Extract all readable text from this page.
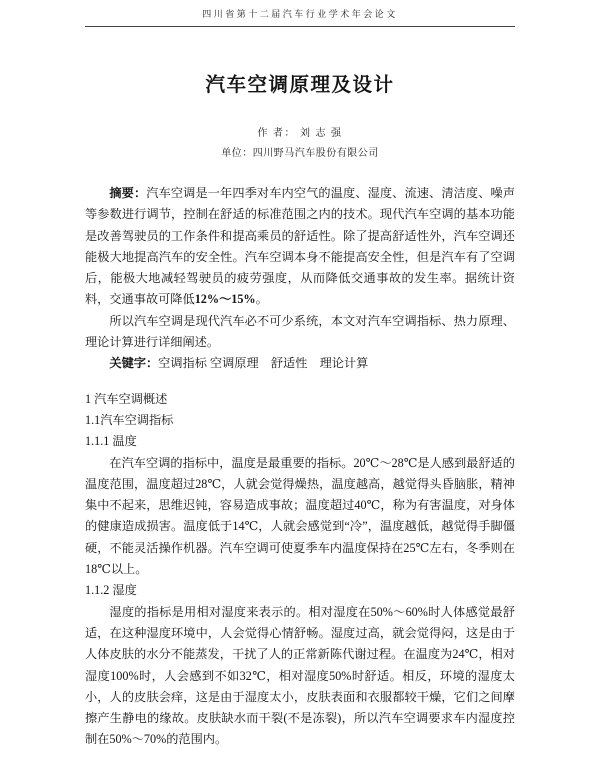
四川省第十二届汽车行业学术年会论文
汽车空调原理及设计
作 者： 刘 志 强
单位：四川野马汽车股份有限公司

摘要：汽车空调是一年四季对车内空气的温度、湿度、流速、清洁度、噪声等参数进行调节，控制在舒适的标准范围之内的技术。现代汽车空调的基本功能是改善驾驶员的工作条件和提高乘员的舒适性。除了提高舒适性外，汽车空调还能极大地提高汽车的安全性。汽车空调本身不能提高安全性，但是汽车有了空调后，能极大地减轻驾驶员的疲劳强度，从而降低交通事故的发生率。据统计资料，交通事故可降低12%～15%。

所以汽车空调是现代汽车必不可少系统，本文对汽车空调指标、热力原理、理论计算进行详细阐述。

关键字：空调指标 空调原理　舒适性　理论计算

1 汽车空调概述

1.1汽车空调指标

1.1.1 温度

在汽车空调的指标中，温度是最重要的指标。20℃～28℃是人感到最舒适的温度范围，温度超过28℃，人就会觉得燥热，温度越高，越觉得头昏脑胀，精神集中不起来，思维迟钝，容易造成事故；温度超过40℃，称为有害温度，对身体的健康造成损害。温度低于14℃，人就会感觉到“冷”，温度越低，越觉得手脚僵硬，不能灵活操作机器。汽车空调可使夏季车内温度保持在25℃左右，冬季则在18℃以上。

1.1.2 湿度

湿度的指标是用相对湿度来表示的。相对湿度在50%～60%时人体感觉最舒适，在这种湿度环境中，人会觉得心情舒畅。湿度过高，就会觉得闷，这是由于人体皮肤的水分不能蒸发，干扰了人的正常新陈代谢过程。在温度为24℃，相对湿度100%时，人会感到不如32℃，相对湿度50%时舒适。相反，环境的湿度太小，人的皮肤会痒，这是由于湿度太小，皮肤表面和衣服都较干燥，它们之间摩擦产生静电的缘故。皮肤缺水而干裂(不是冻裂)，所以汽车空调要求车内湿度控制在50%～70%的范围内。
